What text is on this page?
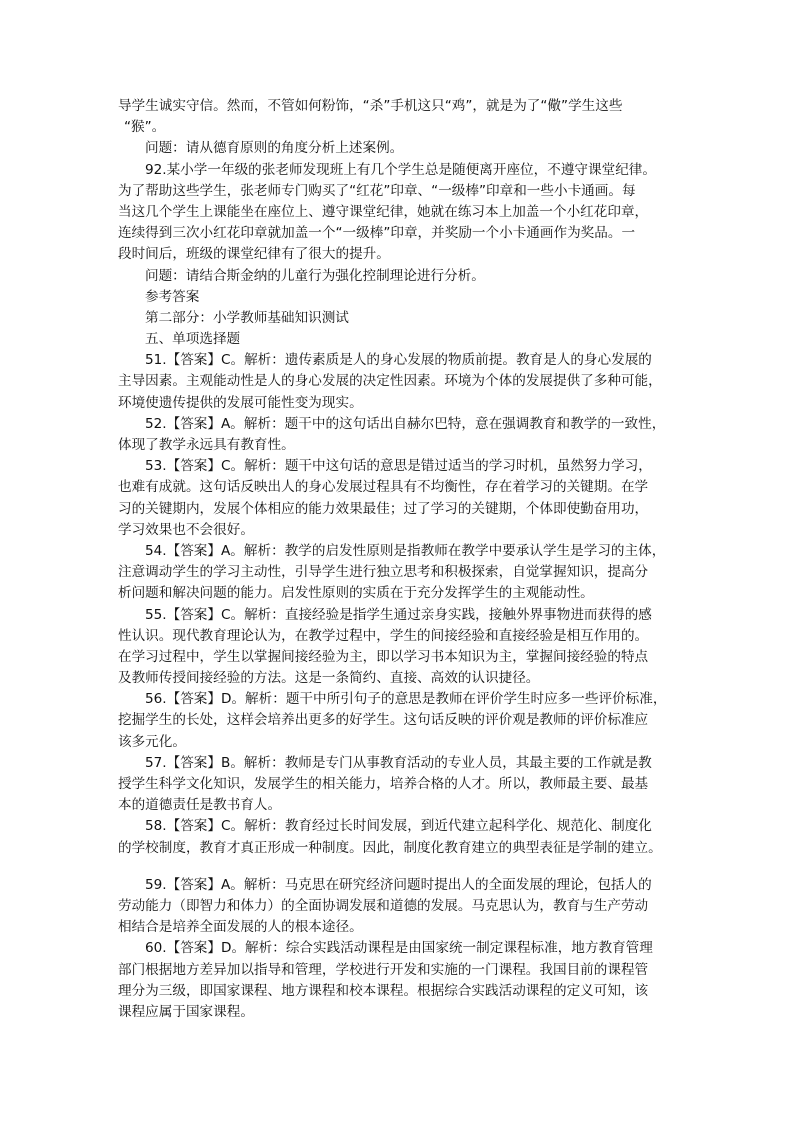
导学生诚实守信。然而，不管如何粉饰，“杀”手机这只“鸡”，就是为了“儆”学生这些
“猴”。
问题：请从德育原则的角度分析上述案例。
92.某小学一年级的张老师发现班上有几个学生总是随便离开座位，不遵守课堂纪律。
为了帮助这些学生，张老师专门购买了“红花”印章、“一级棒”印章和一些小卡通画。每
当这几个学生上课能坐在座位上、遵守课堂纪律，她就在练习本上加盖一个小红花印章，
连续得到三次小红花印章就加盖一个“一级棒”印章，并奖励一个小卡通画作为奖品。一
段时间后，班级的课堂纪律有了很大的提升。
问题：请结合斯金纳的儿童行为强化控制理论进行分析。
参考答案
第二部分：小学教师基础知识测试
五、单项选择题
51.【答案】C。解析：遗传素质是人的身心发展的物质前提。教育是人的身心发展的
主导因素。主观能动性是人的身心发展的决定性因素。环境为个体的发展提供了多种可能，
环境使遗传提供的发展可能性变为现实。
52.【答案】A。解析：题干中的这句话出自赫尔巴特，意在强调教育和教学的一致性，
体现了教学永远具有教育性。
53.【答案】C。解析：题干中这句话的意思是错过适当的学习时机，虽然努力学习，
也难有成就。这句话反映出人的身心发展过程具有不均衡性，存在着学习的关键期。在学
习的关键期内，发展个体相应的能力效果最佳；过了学习的关键期，个体即使勤奋用功，
学习效果也不会很好。
54.【答案】A。解析：教学的启发性原则是指教师在教学中要承认学生是学习的主体，
注意调动学生的学习主动性，引导学生进行独立思考和积极探索，自觉掌握知识，提高分
析问题和解决问题的能力。启发性原则的实质在于充分发挥学生的主观能动性。
55.【答案】C。解析：直接经验是指学生通过亲身实践，接触外界事物进而获得的感
性认识。现代教育理论认为，在教学过程中，学生的间接经验和直接经验是相互作用的。
在学习过程中，学生以掌握间接经验为主，即以学习书本知识为主，掌握间接经验的特点
及教师传授间接经验的方法。这是一条简约、直接、高效的认识捷径。
56.【答案】D。解析：题干中所引句子的意思是教师在评价学生时应多一些评价标准，
挖掘学生的长处，这样会培养出更多的好学生。这句话反映的评价观是教师的评价标准应
该多元化。
57.【答案】B。解析：教师是专门从事教育活动的专业人员，其最主要的工作就是教
授学生科学文化知识，发展学生的相关能力，培养合格的人才。所以，教师最主要、最基
本的道德责任是教书育人。
58.【答案】C。解析：教育经过长时间发展，到近代建立起科学化、规范化、制度化
的学校制度，教育才真正形成一种制度。因此，制度化教育建立的典型表征是学制的建立。
59.【答案】A。解析：马克思在研究经济问题时提出人的全面发展的理论，包括人的
劳动能力（即智力和体力）的全面协调发展和道德的发展。马克思认为，教育与生产劳动
相结合是培养全面发展的人的根本途径。
60.【答案】D。解析：综合实践活动课程是由国家统一制定课程标准，地方教育管理
部门根据地方差异加以指导和管理，学校进行开发和实施的一门课程。我国目前的课程管
理分为三级，即国家课程、地方课程和校本课程。根据综合实践活动课程的定义可知，该
课程应属于国家课程。
